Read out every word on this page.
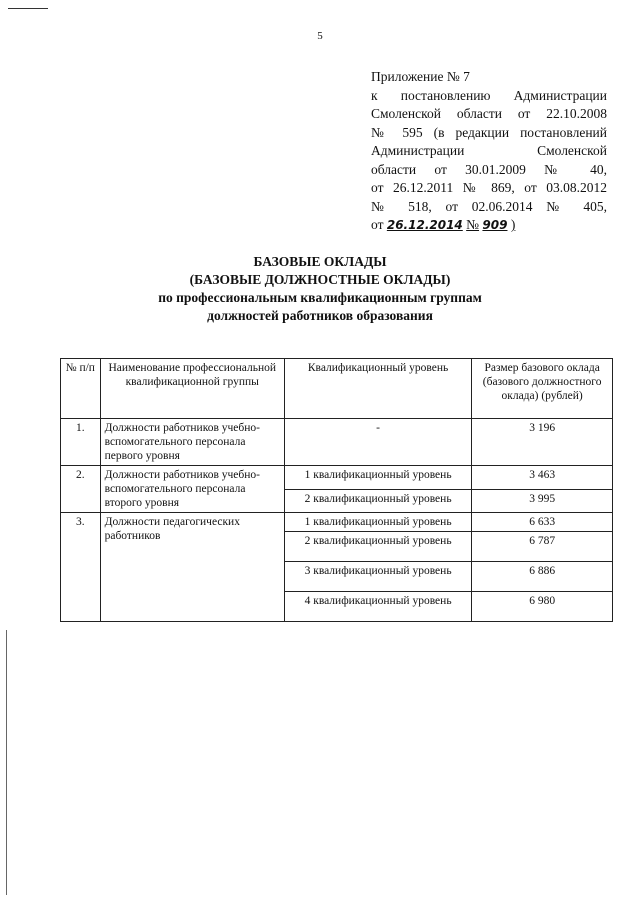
5
Приложение № 7
к постановлению Администрации
Смоленской области от 22.10.2008
№ 595 (в редакции постановлений
Администрации Смоленской
области от 30.01.2009 № 40,
от 26.12.2011 № 869, от 03.08.2012
№ 518, от 02.06.2014 № 405,
от 26.12.2014 № 909 )
БАЗОВЫЕ ОКЛАДЫ
(БАЗОВЫЕ ДОЛЖНОСТНЫЕ ОКЛАДЫ)
по профессиональным квалификационным группам
должностей работников образования
№ п/п	Наименование профессиональной квалификационной группы	Квалификационный уровень	Размер базового оклада (базового должностного оклада) (рублей)
1.	Должности работников учебно-вспомогательного персонала первого уровня	-	3 196
2.	Должности работников учебно-вспомогательного персонала второго уровня	1 квалификационный уровень	3 463
		2 квалификационный уровень	3 995
3.	Должности педагогических работников	1 квалификационный уровень	6 633
		2 квалификационный уровень	6 787
		3 квалификационный уровень	6 886
		4 квалификационный уровень	6 980
